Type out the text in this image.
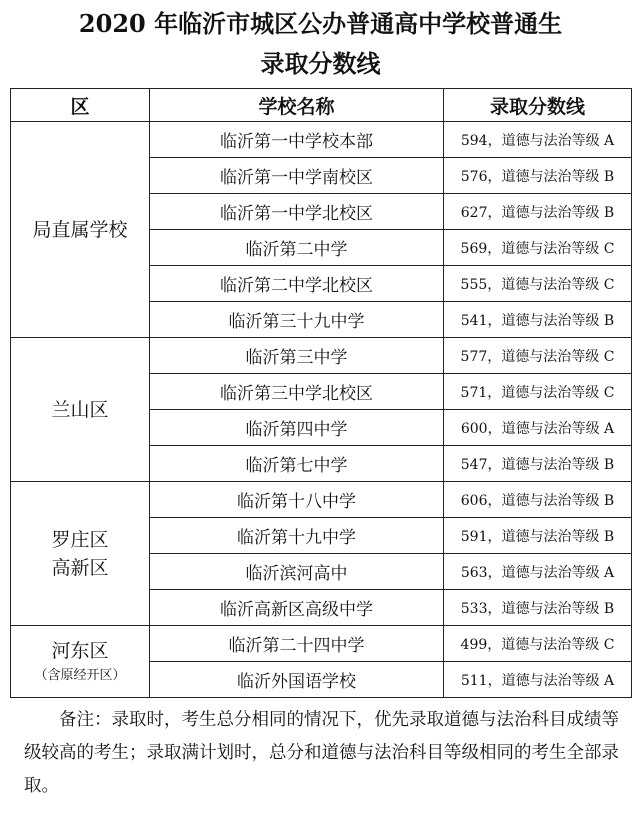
2020 年临沂市城区公办普通高中学校普通生
录取分数线
区	学校名称	录取分数线

局直属学校	临沂第一中学校本部	594，道德与法治等级 A
	临沂第一中学南校区	576，道德与法治等级 B
	临沂第一中学北校区	627，道德与法治等级 B
	临沂第二中学	569，道德与法治等级 C
	临沂第二中学北校区	555，道德与法治等级 C
	临沂第三十九中学	541，道德与法治等级 B

兰山区	临沂第三中学	577，道德与法治等级 C
	临沂第三中学北校区	571，道德与法治等级 C
	临沂第四中学	600，道德与法治等级 A
	临沂第七中学	547，道德与法治等级 B

罗庄区
高新区	临沂第十八中学	606，道德与法治等级 B
	临沂第十九中学	591，道德与法治等级 B
	临沂滨河高中	563，道德与法治等级 A
	临沂高新区高级中学	533，道德与法治等级 B

河东区
（含原经开区）	临沂第二十四中学	499，道德与法治等级 C
	临沂外国语学校	511，道德与法治等级 A

备注：录取时，考生总分相同的情况下，优先录取道德与法治科目成绩等级较高的考生；录取满计划时，总分和道德与法治科目等级相同的考生全部录取。
